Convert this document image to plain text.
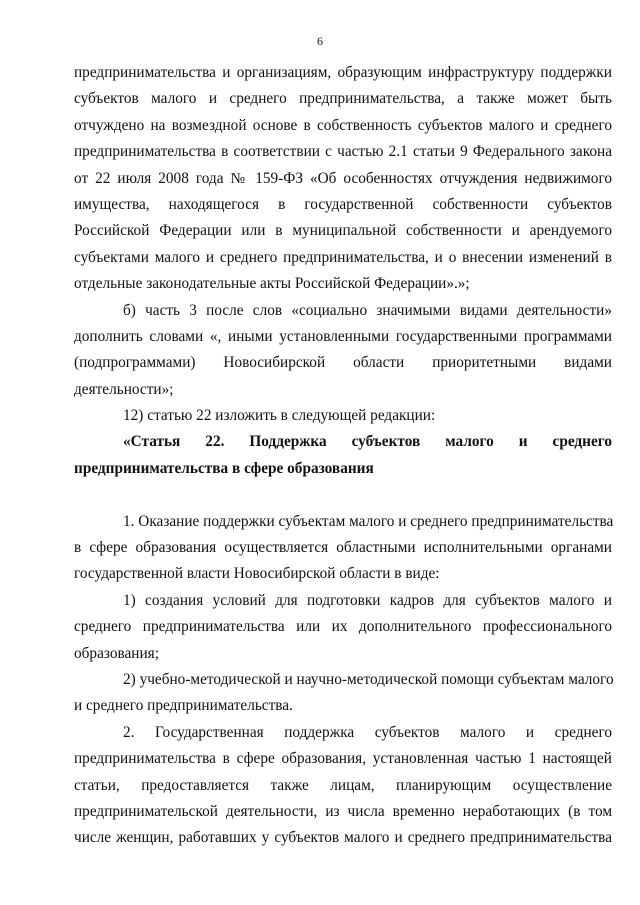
6
предпринимательства и организациям, образующим инфраструктуру поддержки
субъектов малого и среднего предпринимательства, а также может быть
отчуждено на возмездной основе в собственность субъектов малого и среднего
предпринимательства в соответствии с частью 2.1 статьи 9 Федерального закона
от 22 июля 2008 года № 159-ФЗ «Об особенностях отчуждения недвижимого
имущества, находящегося в государственной собственности субъектов
Российской Федерации или в муниципальной собственности и арендуемого
субъектами малого и среднего предпринимательства, и о внесении изменений в
отдельные законодательные акты Российской Федерации».»;
б) часть 3 после слов «социально значимыми видами деятельности»
дополнить словами «, иными установленными государственными программами
(подпрограммами) Новосибирской области приоритетными видами
деятельности»;
12) статью 22 изложить в следующей редакции:
«Статья 22. Поддержка субъектов малого и среднего
предпринимательства в сфере образования
1. Оказание поддержки субъектам малого и среднего предпринимательства
в сфере образования осуществляется областными исполнительными органами
государственной власти Новосибирской области в виде:
1) создания условий для подготовки кадров для субъектов малого и
среднего предпринимательства или их дополнительного профессионального
образования;
2) учебно-методической и научно-методической помощи субъектам малого
и среднего предпринимательства.
2. Государственная поддержка субъектов малого и среднего
предпринимательства в сфере образования, установленная частью 1 настоящей
статьи, предоставляется также лицам, планирующим осуществление
предпринимательской деятельности, из числа временно неработающих (в том
числе женщин, работавших у субъектов малого и среднего предпринимательства
